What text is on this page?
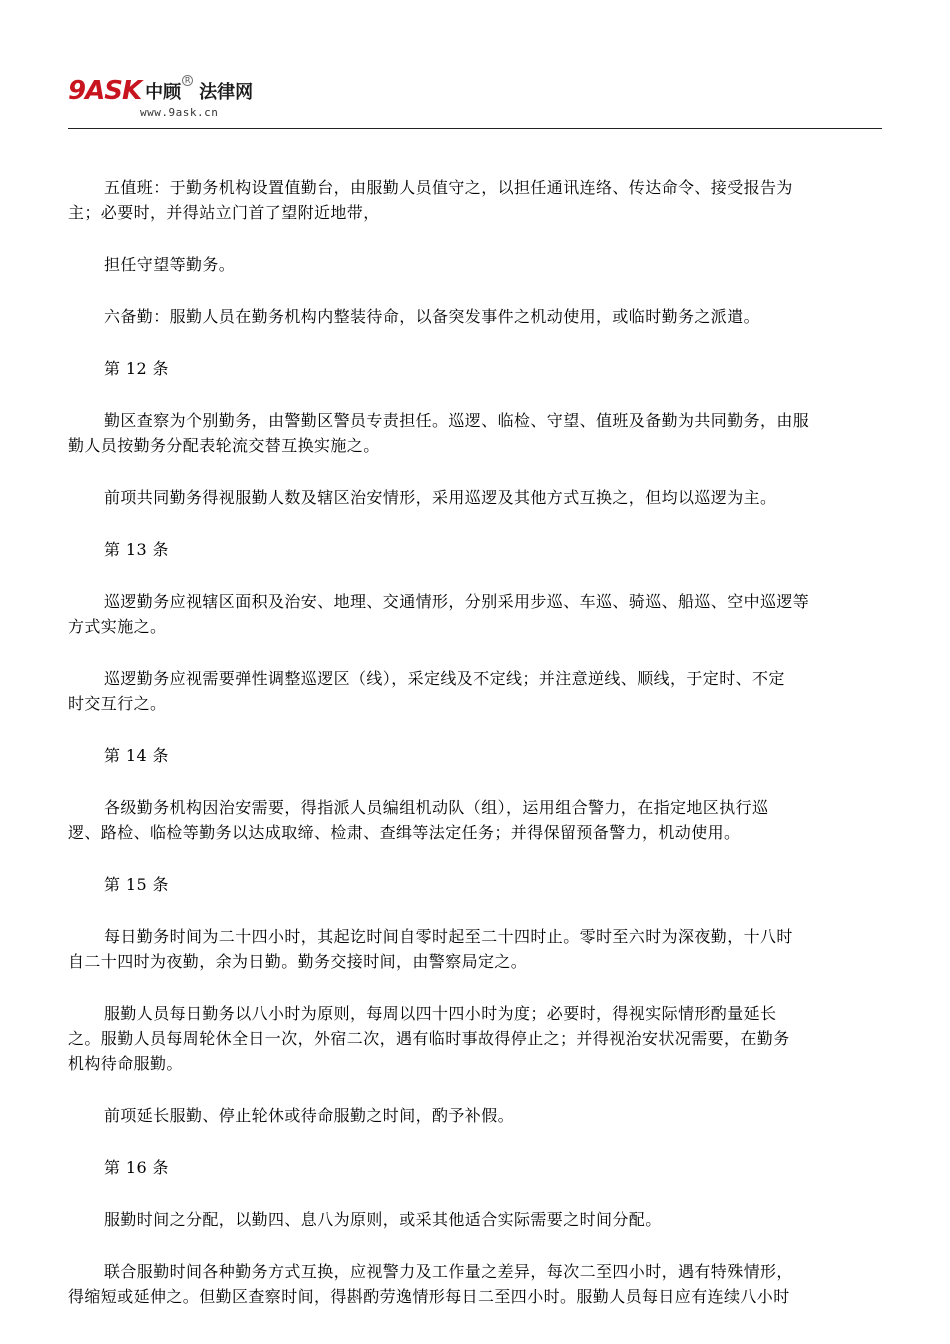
9ASK 中顾
R
法律网
www.9ask.cn

五值班：于勤务机构设置值勤台，由服勤人员值守之，以担任通讯连络、传达命令、接受报告为
主；必要时，并得站立门首了望附近地带，

担任守望等勤务。

六备勤：服勤人员在勤务机构内整装待命，以备突发事件之机动使用，或临时勤务之派遣。

第 12 条

勤区查察为个别勤务，由警勤区警员专责担任。巡逻、临检、守望、值班及备勤为共同勤务，由服
勤人员按勤务分配表轮流交替互换实施之。

前项共同勤务得视服勤人数及辖区治安情形，采用巡逻及其他方式互换之，但均以巡逻为主。

第 13 条

巡逻勤务应视辖区面积及治安、地理、交通情形，分别采用步巡、车巡、骑巡、船巡、空中巡逻等
方式实施之。

巡逻勤务应视需要弹性调整巡逻区（线），采定线及不定线；并注意逆线、顺线，于定时、不定
时交互行之。

第 14 条

各级勤务机构因治安需要，得指派人员编组机动队（组），运用组合警力，在指定地区执行巡
逻、路检、临检等勤务以达成取缔、检肃、查缉等法定任务；并得保留预备警力，机动使用。

第 15 条

每日勤务时间为二十四小时，其起讫时间自零时起至二十四时止。零时至六时为深夜勤，十八时
自二十四时为夜勤，余为日勤。勤务交接时间，由警察局定之。

服勤人员每日勤务以八小时为原则，每周以四十四小时为度；必要时，得视实际情形酌量延长
之。服勤人员每周轮休全日一次，外宿二次，遇有临时事故得停止之；并得视治安状况需要，在勤务
机构待命服勤。

前项延长服勤、停止轮休或待命服勤之时间，酌予补假。

第 16 条

服勤时间之分配，以勤四、息八为原则，或采其他适合实际需要之时间分配。

联合服勤时间各种勤务方式互换，应视警力及工作量之差异，每次二至四小时，遇有特殊情形，
得缩短或延伸之。但勤区查察时间，得斟酌劳逸情形每日二至四小时。服勤人员每日应有连续八小时
